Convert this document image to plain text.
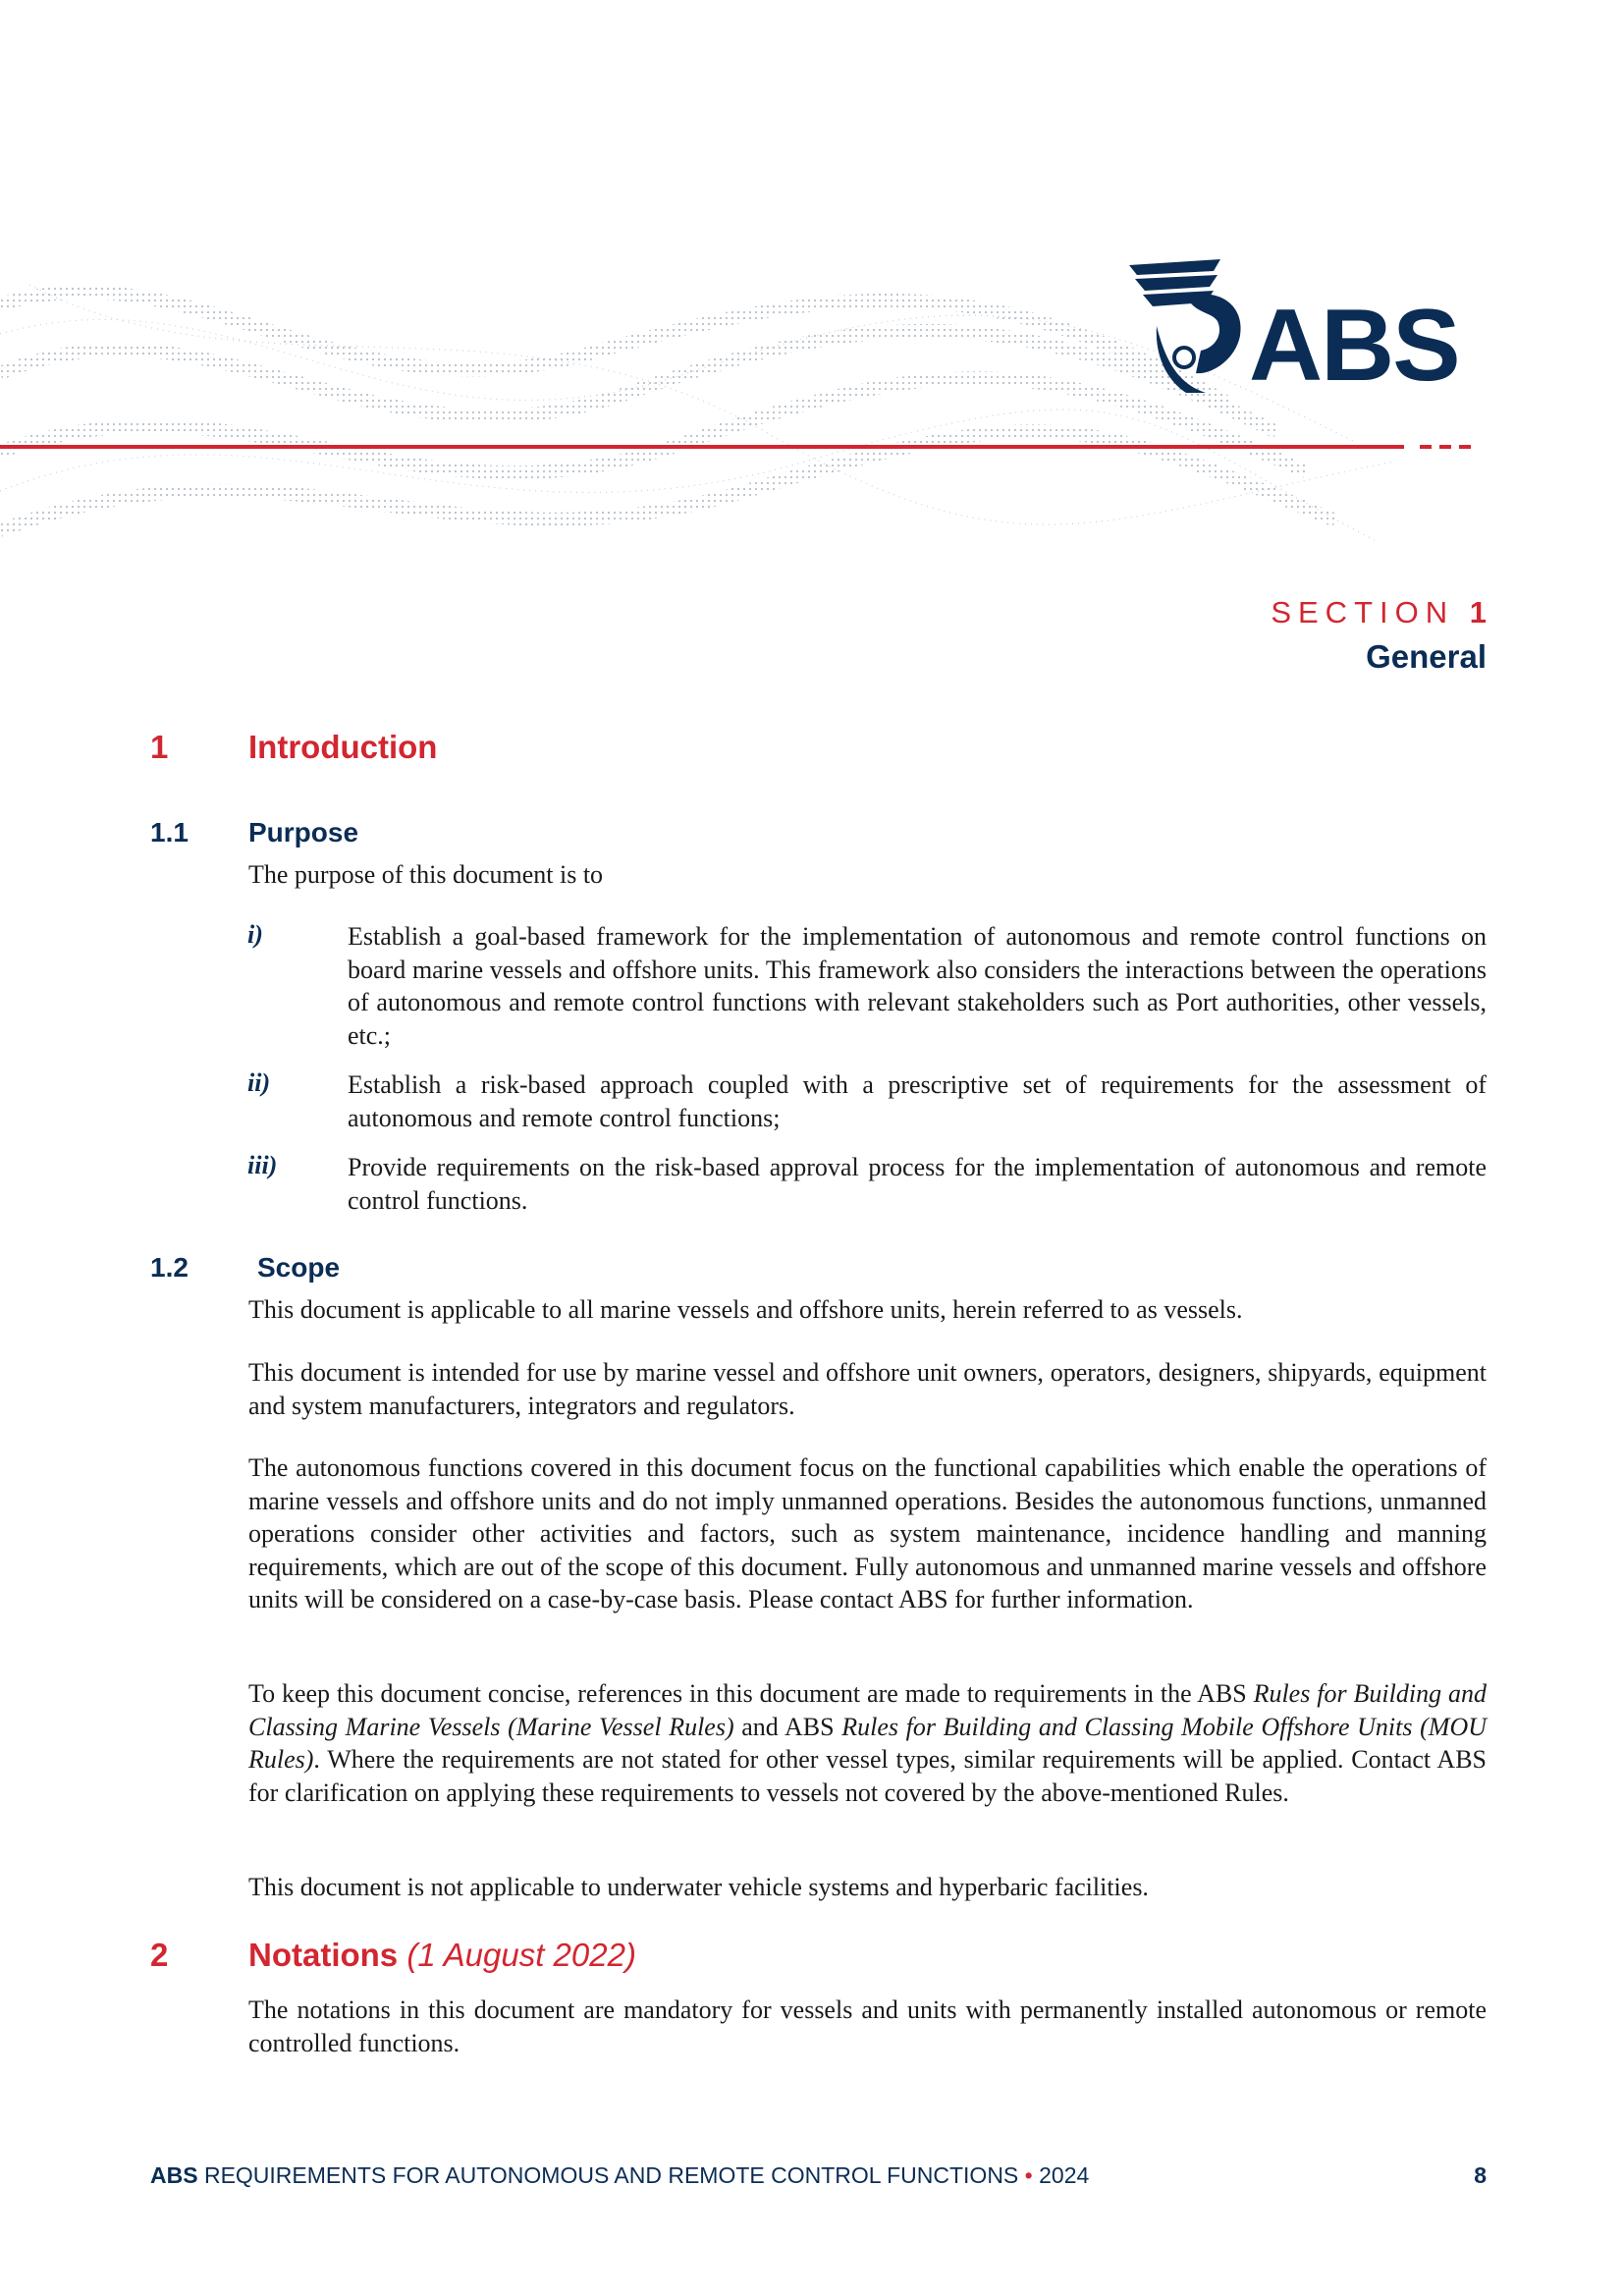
ABS
SECTION 1
General
1 Introduction
1.1 Purpose

The purpose of this document is to

i)	Establish a goal-based framework for the implementation of autonomous and remote control functions on board marine vessels and offshore units. This framework also considers the interactions between the operations of autonomous and remote control functions with relevant stakeholders such as Port authorities, other vessels, etc.;

ii)	Establish a risk-based approach coupled with a prescriptive set of requirements for the assessment of autonomous and remote control functions;

iii)	Provide requirements on the risk-based approval process for the implementation of autonomous and remote control functions.

1.2	Scope

This document is applicable to all marine vessels and offshore units, herein referred to as vessels.

This document is intended for use by marine vessel and offshore unit owners, operators, designers, shipyards, equipment and system manufacturers, integrators and regulators.

The autonomous functions covered in this document focus on the functional capabilities which enable the operations of marine vessels and offshore units and do not imply unmanned operations. Besides the autonomous functions, unmanned operations consider other activities and factors, such as system maintenance, incidence handling and manning requirements, which are out of the scope of this document. Fully autonomous and unmanned marine vessels and offshore units will be considered on a case-by-case basis. Please contact ABS for further information.

To keep this document concise, references in this document are made to requirements in the ABS Rules for Building and Classing Marine Vessels (Marine Vessel Rules) and ABS Rules for Building and Classing Mobile Offshore Units (MOU Rules). Where the requirements are not stated for other vessel types, similar requirements will be applied. Contact ABS for clarification on applying these requirements to vessels not covered by the above-mentioned Rules.

This document is not applicable to underwater vehicle systems and hyperbaric facilities.

2 Notations (1 August 2022)

The notations in this document are mandatory for vessels and units with permanently installed autonomous or remote controlled functions.

ABS REQUIREMENTS FOR AUTONOMOUS AND REMOTE CONTROL FUNCTIONS • 2024	8
